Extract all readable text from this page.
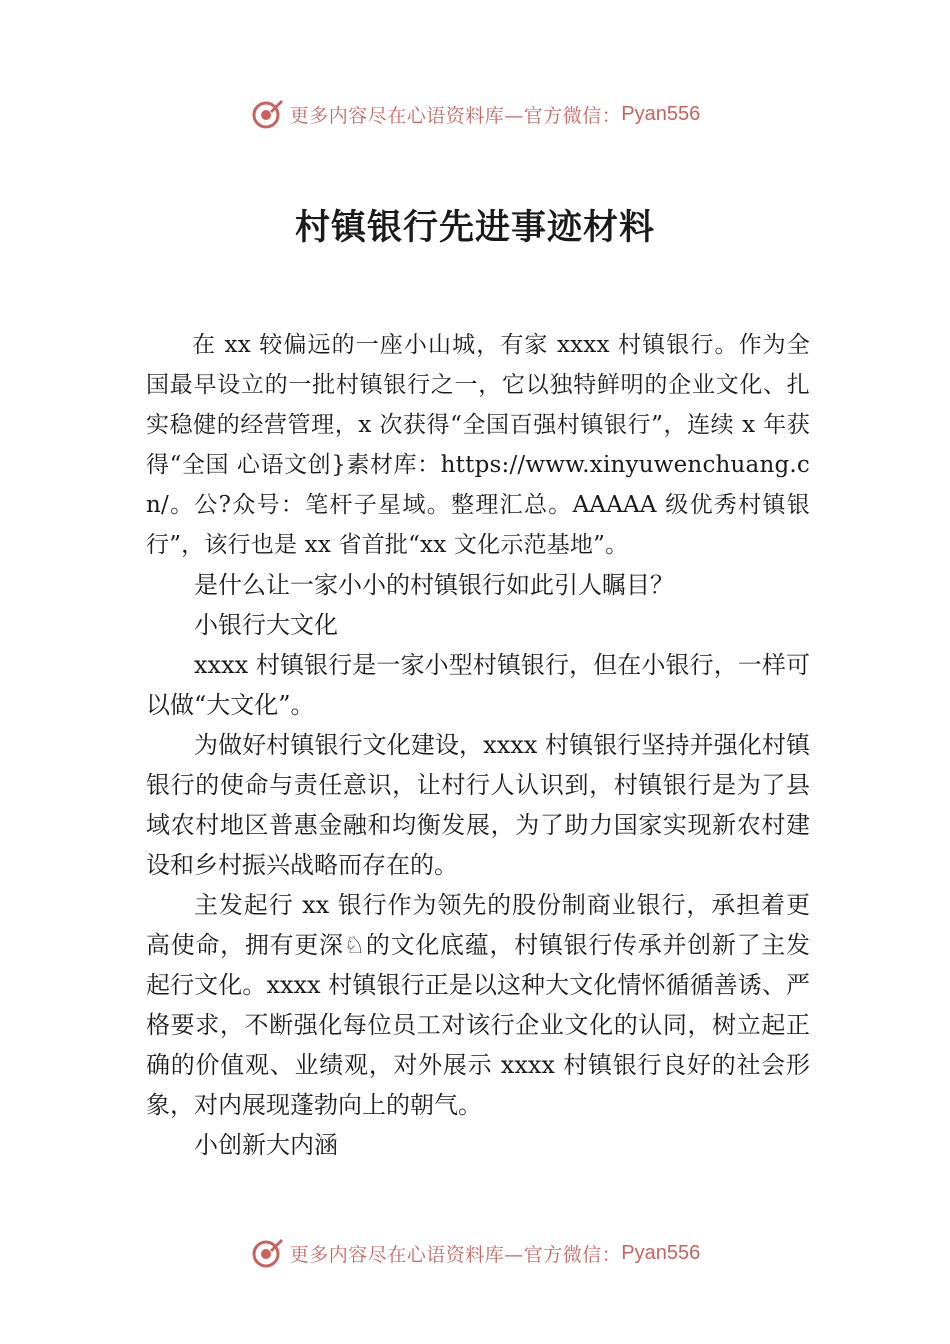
更多内容尽在心语资料库—官方微信： Pyan556
村镇银行先进事迹材料

在 xx 较偏远的一座小山城，有家 xxxx 村镇银行。作为全国最早设立的一批村镇银行之一，它以独特鲜明的企业文化、扎实稳健的经营管理，x 次获得“全国百强村镇银行”，连续 x 年获得“全国 心语文创}素材库：https://www.xinyuwenchuang.cn/。公?众号：笔杆子星域。整理汇总。AAAAA 级优秀村镇银行”，该行也是 xx 省首批“xx 文化示范基地”。

是什么让一家小小的村镇银行如此引人瞩目？

小银行大文化

xxxx 村镇银行是一家小型村镇银行，但在小银行，一样可以做“大文化”。

为做好村镇银行文化建设，xxxx 村镇银行坚持并强化村镇银行的使命与责任意识，让村行人认识到，村镇银行是为了县域农村地区普惠金融和均衡发展，为了助力国家实现新农村建设和乡村振兴战略而存在的。

主发起行 xx 银行作为领先的股份制商业银行，承担着更高使命，拥有更深♘的文化底蕴，村镇银行传承并创新了主发起行文化。xxxx 村镇银行正是以这种大文化情怀循循善诱、严格要求，不断强化每位员工对该行企业文化的认同，树立起正确的价值观、业绩观，对外展示 xxxx 村镇银行良好的社会形象，对内展现蓬勃向上的朝气。

小创新大内涵

更多内容尽在心语资料库—官方微信： Pyan556
